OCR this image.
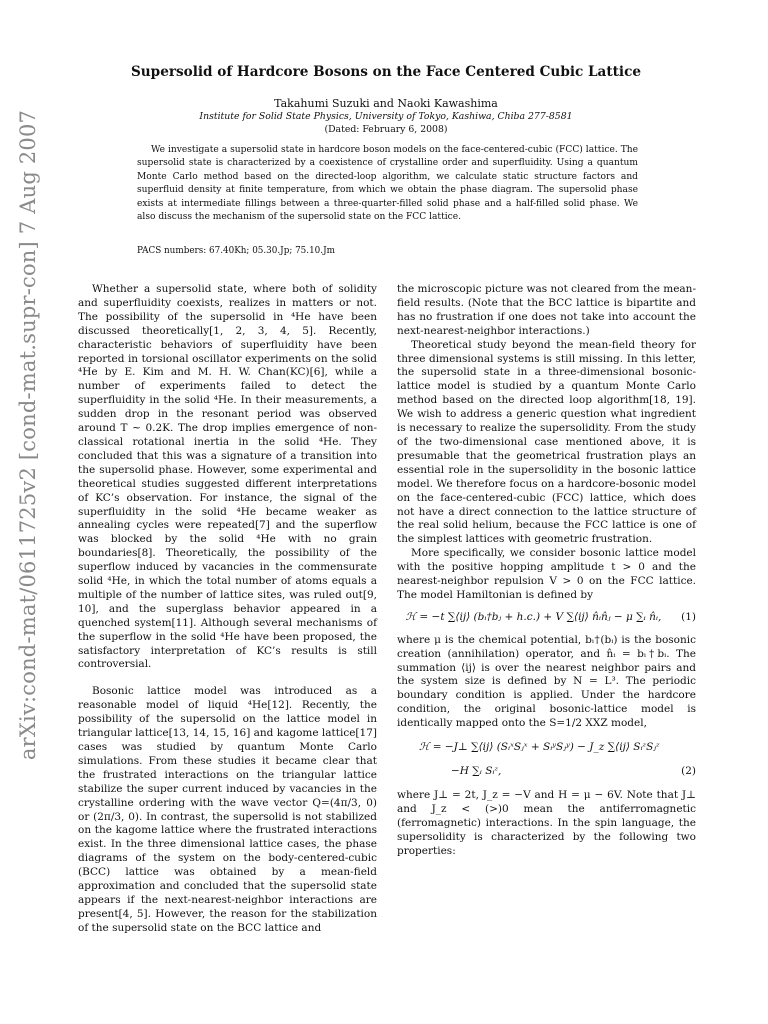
arXiv:cond-mat/0611725v2 [cond-mat.supr-con] 7 Aug 2007
Supersolid of Hardcore Bosons on the Face Centered Cubic Lattice
Takahumi Suzuki and Naoki Kawashima
Institute for Solid State Physics, University of Tokyo, Kashiwa, Chiba 277-8581
(Dated: February 6, 2008)
We investigate a supersolid state in hardcore boson models on the face-centered-cubic (FCC) lattice. The supersolid state is characterized by a coexistence of crystalline order and superfluidity. Using a quantum Monte Carlo method based on the directed-loop algorithm, we calculate static structure factors and superfluid density at finite temperature, from which we obtain the phase diagram. The supersolid phase exists at intermediate fillings between a three-quarter-filled solid phase and a half-filled solid phase. We also discuss the mechanism of the supersolid state on the FCC lattice.
PACS numbers: 67.40Kh; 05.30.Jp; 75.10.Jm

Whether a supersolid state, where both of solidity and superfluidity coexists, realizes in matters or not. The possibility of the supersolid in ⁴He have been discussed theoretically[1, 2, 3, 4, 5]. Recently, characteristic behaviors of superfluidity have been reported in torsional oscillator experiments on the solid ⁴He by E. Kim and M. H. W. Chan(KC)[6], while a number of experiments failed to detect the superfluidity in the solid ⁴He. In their measurements, a sudden drop in the resonant period was observed around T ∼ 0.2K. The drop implies emergence of non-classical rotational inertia in the solid ⁴He. They concluded that this was a signature of a transition into the supersolid phase. However, some experimental and theoretical studies suggested different interpretations of KC’s observation. For instance, the signal of the superfluidity in the solid ⁴He became weaker as annealing cycles were repeated[7] and the superflow was blocked by the solid ⁴He with no grain boundaries[8]. Theoretically, the possibility of the superflow induced by vacancies in the commensurate solid ⁴He, in which the total number of atoms equals a multiple of the number of lattice sites, was ruled out[9, 10], and the superglass behavior appeared in a quenched system[11]. Although several mechanisms of the superflow in the solid ⁴He have been proposed, the satisfactory interpretation of KC’s results is still controversial.

Bosonic lattice model was introduced as a reasonable model of liquid ⁴He[12]. Recently, the possibility of the supersolid on the lattice model in triangular lattice[13, 14, 15, 16] and kagome lattice[17] cases was studied by quantum Monte Carlo simulations. From these studies it became clear that the frustrated interactions on the triangular lattice stabilize the super current induced by vacancies in the crystalline ordering with the wave vector Q=(4π/3, 0) or (2π/3, 0). In contrast, the supersolid is not stabilized on the kagome lattice where the frustrated interactions exist. In the three dimensional lattice cases, the phase diagrams of the system on the body-centered-cubic (BCC) lattice was obtained by a mean-field approximation and concluded that the supersolid state appears if the next-nearest-neighbor interactions are present[4, 5]. However, the reason for the stabilization of the supersolid state on the BCC lattice and

the microscopic picture was not cleared from the mean-field results. (Note that the BCC lattice is bipartite and has no frustration if one does not take into account the next-nearest-neighbor interactions.)

Theoretical study beyond the mean-field theory for three dimensional systems is still missing. In this letter, the supersolid state in a three-dimensional bosonic-lattice model is studied by a quantum Monte Carlo method based on the directed loop algorithm[18, 19]. We wish to address a generic question what ingredient is necessary to realize the supersolidity. From the study of the two-dimensional case mentioned above, it is presumable that the geometrical frustration plays an essential role in the supersolidity in the bosonic lattice model. We therefore focus on a hardcore-bosonic model on the face-centered-cubic (FCC) lattice, which does not have a direct connection to the lattice structure of the real solid helium, because the FCC lattice is one of the simplest lattices with geometric frustration.

More specifically, we consider bosonic lattice model with the positive hopping amplitude t > 0 and the nearest-neighbor repulsion V > 0 on the FCC lattice. The model Hamiltonian is defined by

ℋ = −t ∑⟨ij⟩ (bᵢ†bⱼ + h.c.) + V ∑⟨ij⟩ n̂ᵢn̂ⱼ − μ ∑ᵢ n̂ᵢ,	(1)

where μ is the chemical potential, bᵢ†(bᵢ) is the bosonic creation (annihilation) operator, and n̂ᵢ = bᵢ†bᵢ. The summation ⟨ij⟩ is over the nearest neighbor pairs and the system size is defined by N = L³. The periodic boundary condition is applied. Under the hardcore condition, the original bosonic-lattice model is identically mapped onto the S=1/2 XXZ model,

ℋ = −J⊥ ∑⟨ij⟩ (SᵢˣSⱼˣ + SᵢʸSⱼʸ) − J_z ∑⟨ij⟩ SᵢᶻSⱼᶻ
−H ∑ᵢ Sᵢᶻ,	(2)

where J⊥ = 2t, J_z = −V and H = μ − 6V. Note that J⊥ and J_z < (>)0 mean the antiferromagnetic (ferromagnetic) interactions. In the spin language, the supersolidity is characterized by the following two properties:
